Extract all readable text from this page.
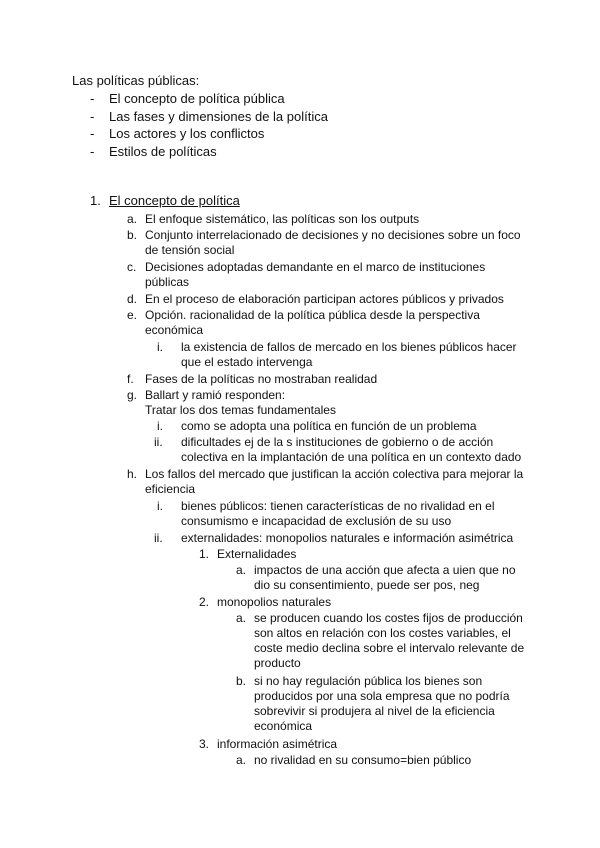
Las políticas públicas:
- El concepto de política pública
- Las fases y dimensiones de la política
- Los actores y los conflictos
- Estilos de políticas
1. El concepto de política
a. El enfoque sistemático, las políticas son los outputs
b. Conjunto interrelacionado de decisiones y no decisiones sobre un foco
de tensión social
c. Decisiones adoptadas demandante en el marco de instituciones
públicas
d. En el proceso de elaboración participan actores públicos y privados
e. Opción. racionalidad de la política pública desde la perspectiva
económica
i. la existencia de fallos de mercado en los bienes públicos hacer
que el estado intervenga
f. Fases de la políticas no mostraban realidad
g. Ballart y ramió responden:
Tratar los dos temas fundamentales
i. como se adopta una política en función de un problema
ii. dificultades ej de la s instituciones de gobierno o de acción
colectiva en la implantación de una política en un contexto dado
h. Los fallos del mercado que justifican la acción colectiva para mejorar la
eficiencia
i. bienes públicos: tienen características de no rivalidad en el
consumismo e incapacidad de exclusión de su uso
ii. externalidades: monopolios naturales e información asimétrica
1. Externalidades
a. impactos de una acción que afecta a uien que no
dio su consentimiento, puede ser pos, neg
2. monopolios naturales
a. se producen cuando los costes fijos de producción
son altos en relación con los costes variables, el
coste medio declina sobre el intervalo relevante de
producto
b. si no hay regulación pública los bienes son
producidos por una sola empresa que no podría
sobrevivir si produjera al nivel de la eficiencia
económica
3. información asimétrica
a. no rivalidad en su consumo=bien público
